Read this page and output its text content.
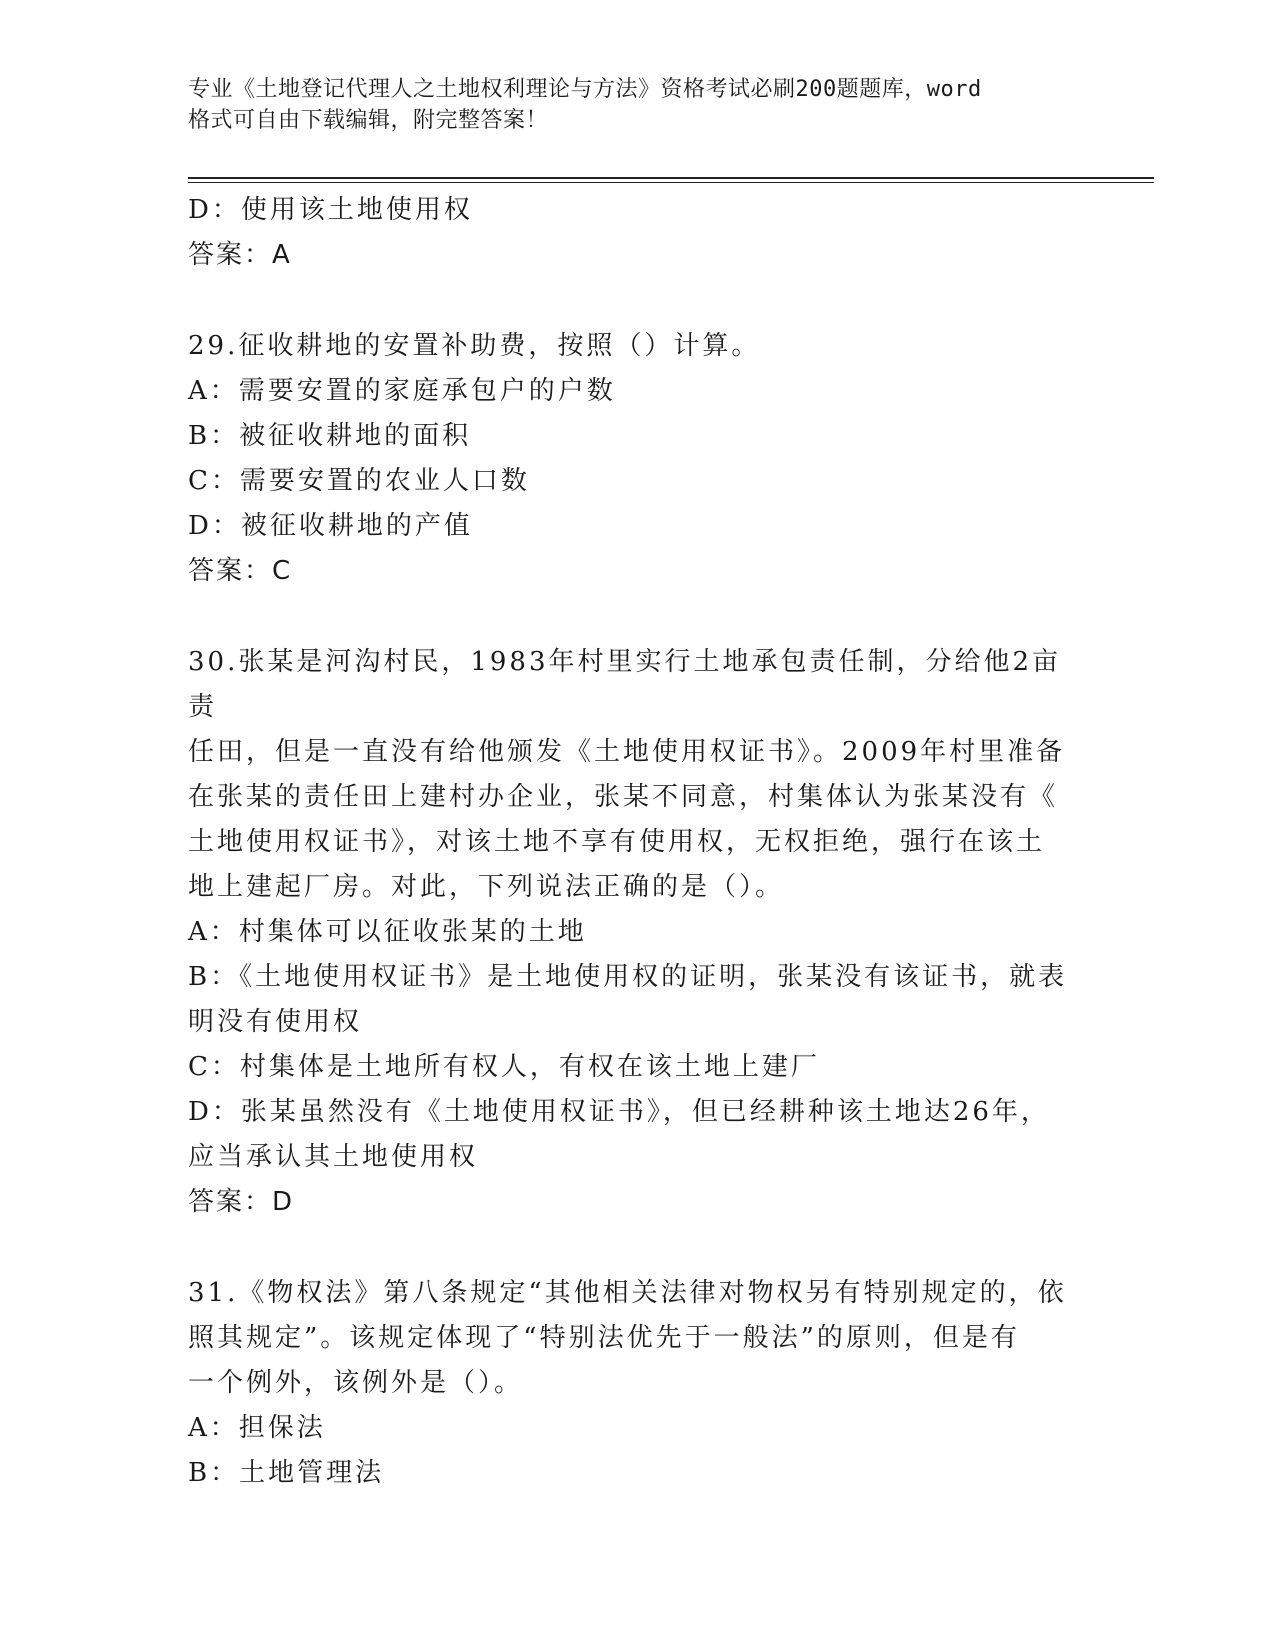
专业《土地登记代理人之土地权利理论与方法》资格考试必刷200题题库，word
格式可自由下载编辑，附完整答案！

D：使用该土地使用权

答案：A

29.征收耕地的安置补助费，按照（）计算。

A：需要安置的家庭承包户的户数

B：被征收耕地的面积

C：需要安置的农业人口数

D：被征收耕地的产值

答案：C

30.张某是河沟村民，1983年村里实行土地承包责任制，分给他2亩责

任田，但是一直没有给他颁发《土地使用权证书》。2009年村里准备

在张某的责任田上建村办企业，张某不同意，村集体认为张某没有《

土地使用权证书》，对该土地不享有使用权，无权拒绝，强行在该土

地上建起厂房。对此，下列说法正确的是（）。

A：村集体可以征收张某的土地

B：《土地使用权证书》是土地使用权的证明，张某没有该证书，就表

明没有使用权

C：村集体是土地所有权人，有权在该土地上建厂

D：张某虽然没有《土地使用权证书》，但已经耕种该土地达26年，

应当承认其土地使用权

答案：D

31.《物权法》第八条规定“其他相关法律对物权另有特别规定的，依

照其规定”。该规定体现了“特别法优先于一般法”的原则，但是有

一个例外，该例外是（）。

A：担保法

B：土地管理法
